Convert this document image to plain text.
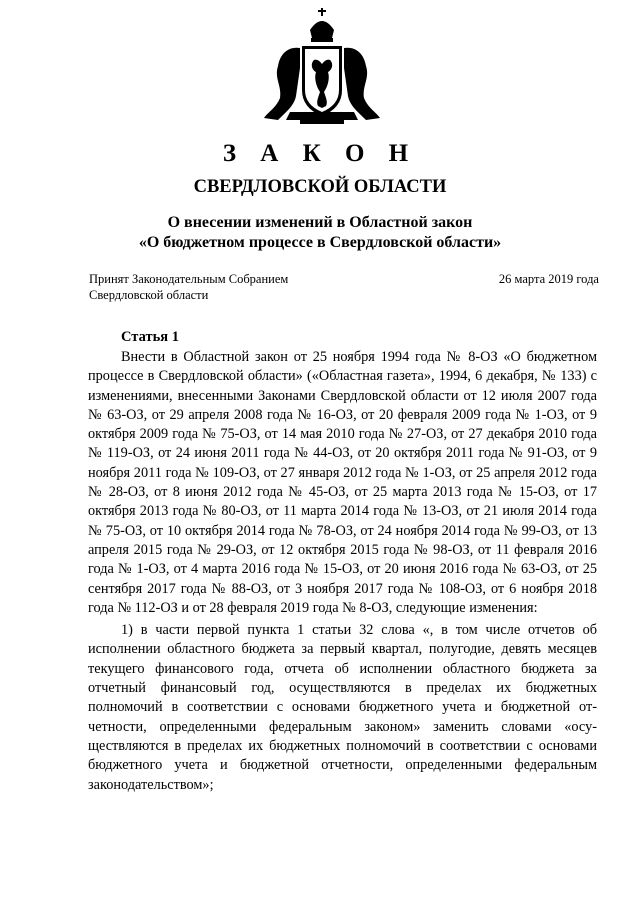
З А К О Н
СВЕРДЛОВСКОЙ ОБЛАСТИ
О внесении изменений в Областной закон
«О бюджетном процессе в Свердловской области»
Принят Законодательным Собранием
Свердловской области
26 марта 2019 года
Статья 1

Внести в Областной закон от 25 ноября 1994 года № 8-ОЗ «О бюджетном процессе в Свердловской области» («Областная газета», 1994, 6 декабря, № 133) с изменениями, внесенными Законами Свердловской области от 12 июля 2007 года № 63-ОЗ, от 29 апреля 2008 года № 16-ОЗ, от 20 февраля 2009 года № 1-ОЗ, от 9 октября 2009 года № 75-ОЗ, от 14 мая 2010 года № 27-ОЗ, от 27 декабря 2010 года № 119-ОЗ, от 24 июня 2011 года № 44-ОЗ, от 20 октября 2011 года № 91-ОЗ, от 9 ноября 2011 года № 109-ОЗ, от 27 января 2012 года № 1-ОЗ, от 25 апреля 2012 года № 28-ОЗ, от 8 июня 2012 года № 45-ОЗ, от 25 марта 2013 года № 15-ОЗ, от 17 октября 2013 года № 80-ОЗ, от 11 марта 2014 года № 13-ОЗ, от 21 июля 2014 года № 75-ОЗ, от 10 октября 2014 года № 78-ОЗ, от 24 ноября 2014 года № 99-ОЗ, от 13 апреля 2015 года № 29-ОЗ, от 12 октября 2015 года № 98-ОЗ, от 11 февраля 2016 года № 1-ОЗ, от 4 марта 2016 года № 15-ОЗ, от 20 июня 2016 года № 63-ОЗ, от 25 сентября 2017 года № 88-ОЗ, от 3 ноября 2017 года № 108-ОЗ, от 6 ноября 2018 года № 112-ОЗ и от 28 февраля 2019 года № 8-ОЗ, следующие изменения:

1) в части первой пункта 1 статьи 32 слова «, в том числе отчетов об исполнении областного бюджета за первый квартал, полугодие, девять месяцев текущего финансового года, отчета об исполнении областного бюджета за отчетный финансовый год, осуществляются в пределах их бюджетных полномочий в соответствии с основами бюджетного учета и бюджетной отчетности, определенными федеральным законом» заменить словами «осуществляются в пределах их бюджетных полномочий в соответствии с основами бюджетного учета и бюджетной отчетности, определенными федеральным законодательством»;
